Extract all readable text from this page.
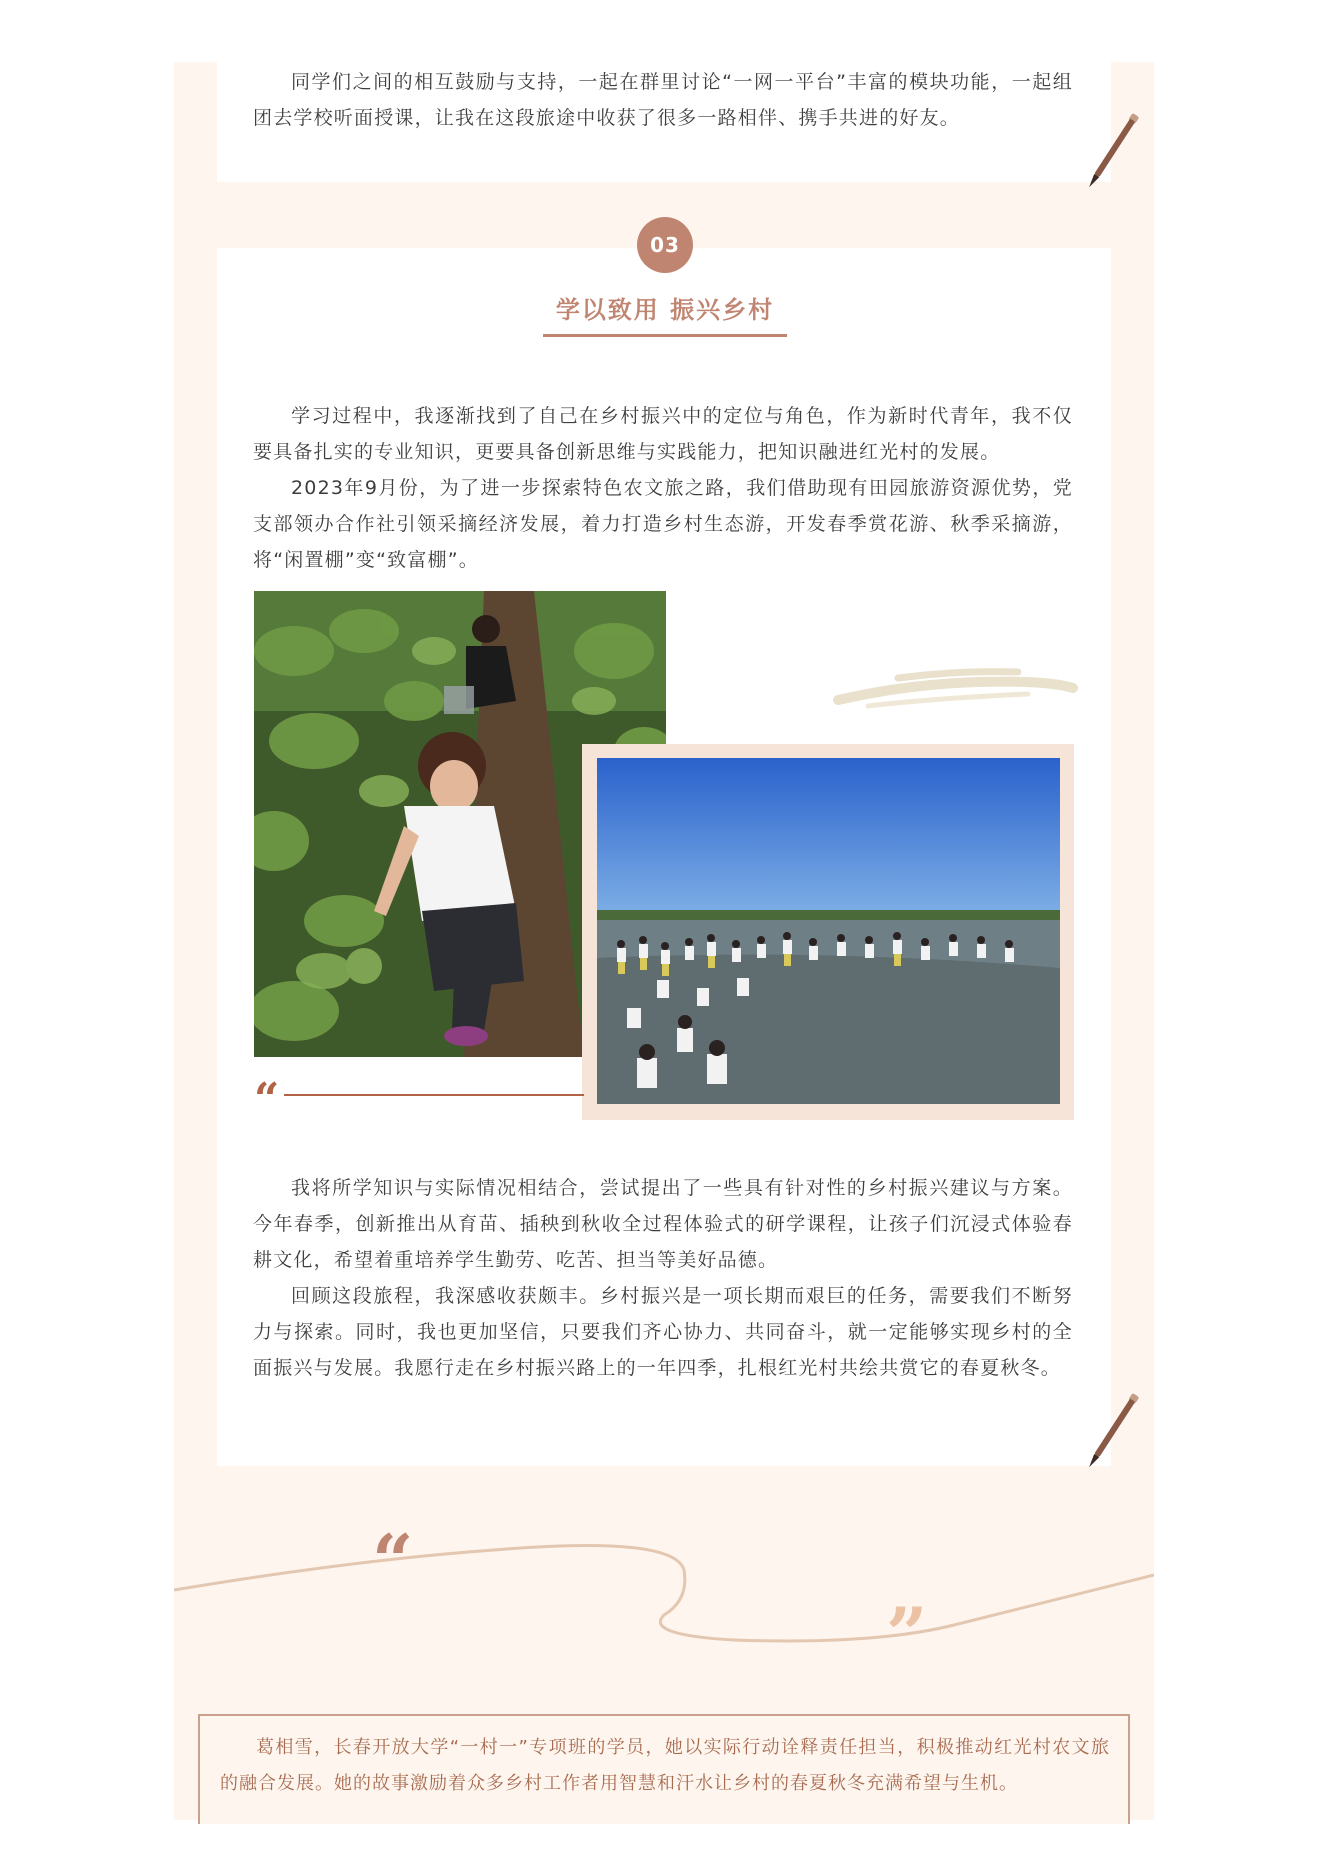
同学们之间的相互鼓励与支持，一起在群里讨论“一网一平台”丰富的模块功能，一起组团去学校听面授课，让我在这段旅途中收获了很多一路相伴、携手共进的好友。

03
学以致用 振兴乡村

学习过程中，我逐渐找到了自己在乡村振兴中的定位与角色，作为新时代青年，我不仅要具备扎实的专业知识，更要具备创新思维与实践能力，把知识融进红光村的发展。

2023年9月份，为了进一步探索特色农文旅之路，我们借助现有田园旅游资源优势，党支部领办合作社引领采摘经济发展，着力打造乡村生态游，开发春季赏花游、秋季采摘游，将“闲置棚”变“致富棚”。

“

我将所学知识与实际情况相结合，尝试提出了一些具有针对性的乡村振兴建议与方案。今年春季，创新推出从育苗、插秧到秋收全过程体验式的研学课程，让孩子们沉浸式体验春耕文化，希望着重培养学生勤劳、吃苦、担当等美好品德。

回顾这段旅程，我深感收获颇丰。乡村振兴是一项长期而艰巨的任务，需要我们不断努力与探索。同时，我也更加坚信，只要我们齐心协力、共同奋斗，就一定能够实现乡村的全面振兴与发展。我愿行走在乡村振兴路上的一年四季，扎根红光村共绘共赏它的春夏秋冬。

“
”

葛相雪，长春开放大学“一村一”专项班的学员，她以实际行动诠释责任担当，积极推动红光村农文旅的融合发展。她的故事激励着众多乡村工作者用智慧和汗水让乡村的春夏秋冬充满希望与生机。
